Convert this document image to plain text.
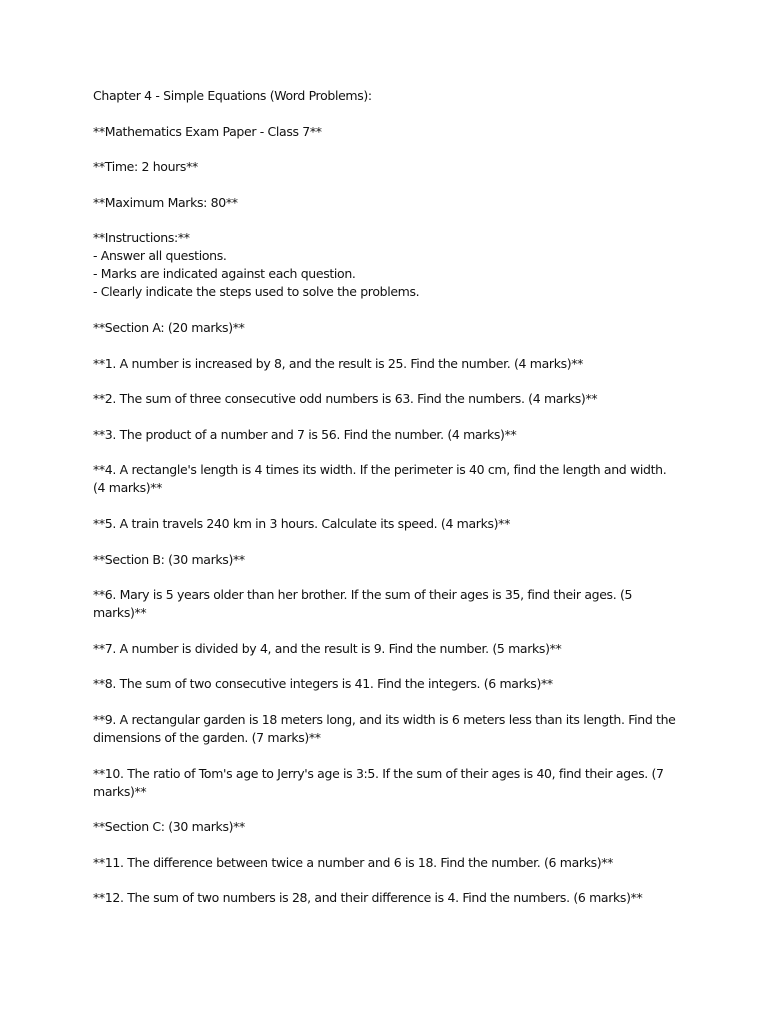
Chapter 4 - Simple Equations (Word Problems):

**Mathematics Exam Paper - Class 7**

**Time: 2 hours**

**Maximum Marks: 80**

**Instructions:**
- Answer all questions.
- Marks are indicated against each question.
- Clearly indicate the steps used to solve the problems.

**Section A: (20 marks)**

**1. A number is increased by 8, and the result is 25. Find the number. (4 marks)**

**2. The sum of three consecutive odd numbers is 63. Find the numbers. (4 marks)**

**3. The product of a number and 7 is 56. Find the number. (4 marks)**

**4. A rectangle's length is 4 times its width. If the perimeter is 40 cm, find the length and width. (4 marks)**

**5. A train travels 240 km in 3 hours. Calculate its speed. (4 marks)**

**Section B: (30 marks)**

**6. Mary is 5 years older than her brother. If the sum of their ages is 35, find their ages. (5 marks)**

**7. A number is divided by 4, and the result is 9. Find the number. (5 marks)**

**8. The sum of two consecutive integers is 41. Find the integers. (6 marks)**

**9. A rectangular garden is 18 meters long, and its width is 6 meters less than its length. Find the dimensions of the garden. (7 marks)**

**10. The ratio of Tom's age to Jerry's age is 3:5. If the sum of their ages is 40, find their ages. (7 marks)**

**Section C: (30 marks)**

**11. The difference between twice a number and 6 is 18. Find the number. (6 marks)**

**12. The sum of two numbers is 28, and their difference is 4. Find the numbers. (6 marks)**
